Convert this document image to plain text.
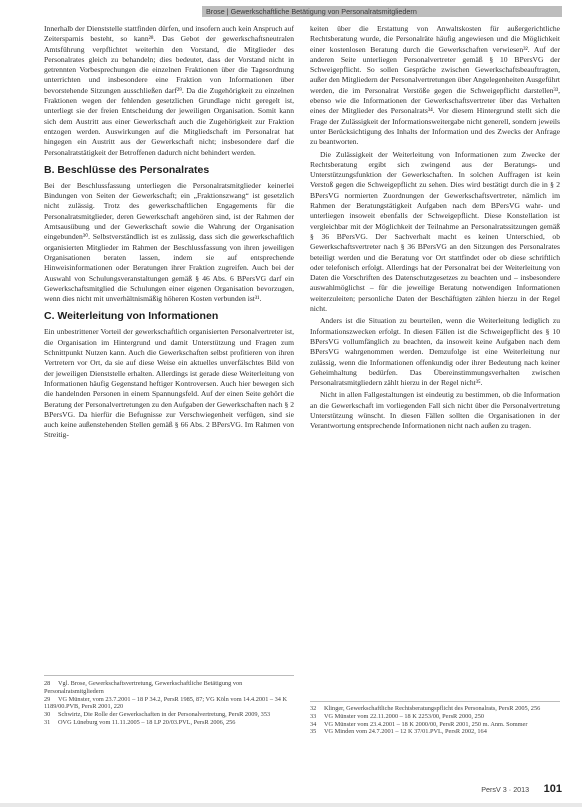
Brose | Gewerkschaftliche Betätigung von Personalratsmitgliedern

Innerhalb der Dienststelle stattfinden dürfen, und insofern auch kein Anspruch auf Zeitersparnis besteht, so kann²⁸. Das Gebot der gewerkschaftsneutralen Amtsführung verpflichtet weiterhin den Vorstand, die Mitglieder des Personalrates gleich zu behandeln; dies bedeutet, dass der Vorstand nicht in getrennten Vorbesprechungen die einzelnen Fraktionen über die Tagesordnung unterrichten und insbesondere eine Fraktion von Informationen über bevorstehende Sitzungen ausschließen darf²⁹. Da die Zugehörigkeit zu einzelnen Fraktionen wegen der fehlenden gesetzlichen Grundlage nicht geregelt ist, unterliegt sie der freien Entscheidung der jeweiligen Organisation. Somit kann sich dem Austritt aus einer Gewerkschaft auch die Zugehörigkeit zur Fraktion entzogen werden. Auswirkungen auf die Mitgliedschaft im Personalrat hat hingegen ein Austritt aus der Gewerkschaft nicht; insbesondere darf die Personalratstätigkeit der Betroffenen dadurch nicht behindert werden.

B. Beschlüsse des Personalrates

Bei der Beschlussfassung unterliegen die Personalratsmitglieder keinerlei Bindungen von Seiten der Gewerkschaft; ein „Fraktionszwang“ ist gesetzlich nicht zulässig. Trotz des gewerkschaftlichen Engagements für die Personalratsmitglieder, deren Gewerkschaft angehören sind, ist der Rahmen der Amtsausübung und der Gewerkschaft sowie die Wahrung der Organisation eingebunden³⁰. Selbstverständlich ist es zulässig, dass sich die gewerkschaftlich organisierten Mitglieder im Rahmen der Beschlussfassung von ihren jeweiligen Organisationen beraten lassen, indem sie auf entsprechende Hinweisinformationen oder Beratungen ihrer Fraktion zugreifen. Auch bei der Auswahl von Schulungsveranstaltungen gemäß § 46 Abs. 6 BPersVG darf ein Gewerkschaftsmitglied die Schulungen einer eigenen Organisation bevorzugen, wenn dies nicht mit unverhältnismäßig höheren Kosten verbunden ist³¹.

C. Weiterleitung von Informationen

Ein unbestrittener Vorteil der gewerkschaftlich organisierten Personalvertreter ist, die Organisation im Hintergrund und damit Unterstützung und Fragen zum Schnittpunkt Nutzen kann. Auch die Gewerkschaften selbst profitieren von ihren Vertretern vor Ort, da sie auf diese Weise ein aktuelles unverfälschtes Bild von der jeweiligen Dienststelle erhalten. Allerdings ist gerade diese Weiterleitung von Informationen häufig Gegenstand heftiger Kontroversen. Auch hier bewegen sich die handelnden Personen in einem Spannungsfeld. Auf der einen Seite gehört die Beratung der Personalvertretungen zu den Aufgaben der Gewerkschaften nach § 2 BPersVG. Da hierfür die Befugnisse zur Verschwiegenheit verfügen, sind sie auch keine außenstehenden Stellen gemäß § 66 Abs. 2 BPersVG. Im Rahmen von Streitig-

keiten über die Erstattung von Anwaltskosten für außergerichtliche Rechtsberatung wurde, die Personalräte häufig angewiesen und die Möglichkeit einer kostenlosen Beratung durch die Gewerkschaften verwiesen³². Auf der anderen Seite unterliegen Personalvertreter gemäß § 10 BPersVG der Schweigepflicht. So sollen Gespräche zwischen Gewerkschaftsbeauftragten, außer den Mitgliedern der Personalvertretungen über Angelegenheiten Ausgeführt werden, die im Personalrat Verstöße gegen die Schweigepflicht darstellen³³, ebenso wie die Informationen der Gewerkschaftsvertreter über das Verhalten eines der Mitglieder des Personalrats³⁴. Vor diesem Hintergrund stellt sich die Frage der Zulässigkeit der Informationsweitergabe nicht generell, sondern jeweils unter Berücksichtigung des Inhalts der Information und des Zwecks der Anfrage zu beantworten.

Die Zulässigkeit der Weiterleitung von Informationen zum Zwecke der Rechtsberatung ergibt sich zwingend aus der Beratungs- und Unterstützungsfunktion der Gewerkschaften. In solchen Auffragen ist kein Verstoß gegen die Schweigepflicht zu sehen. Dies wird bestätigt durch die in § 2 BPersVG normierten Zuordnungen der Gewerkschaftsvertreter, nämlich im Rahmen der Beratungstätigkeit Aufgaben nach dem BPersVG wahr- und unterliegen insoweit ebenfalls der Schweigepflicht. Diese Konstellation ist vergleichbar mit der Möglichkeit der Teilnahme an Personalratssitzungen gemäß § 36 BPersVG. Der Sachverhalt macht es keinen Unterschied, ob Gewerkschaftsvertreter nach § 36 BPersVG an den Sitzungen des Personalrates beteiligt werden und die Beratung vor Ort stattfindet oder ob diese schriftlich oder telefonisch erfolgt. Allerdings hat der Personalrat bei der Weiterleitung von Daten die Vorschriften des Datenschutzgesetzes zu beachten und – insbesondere auswahlmöglichst – für die jeweilige Beratung notwendigen Informationen weiterzuleiten; personliche Daten der Beschäftigten zählen hierzu in der Regel nicht.

Anders ist die Situation zu beurteilen, wenn die Weiterleitung lediglich zu Informationszwecken erfolgt. In diesen Fällen ist die Schweigepflicht des § 10 BPersVG vollumfänglich zu beachten, da insoweit keine Aufgaben nach dem BPersVG wahrgenommen werden. Demzufolge ist eine Weiterleitung nur zulässig, wenn die Informationen offenkundig oder ihrer Bedeutung nach keiner Geheimhaltung bedürfen. Das Übereinstimmungsverhalten zwischen Personalratsmitgliedern zählt hierzu in der Regel nicht³⁵.

Nicht in allen Fallgestaltungen ist eindeutig zu bestimmen, ob die Information an die Gewerkschaft im vorliegenden Fall sich nicht über die Personalvertretung Unterstützung wünscht. In diesen Fällen sollten die Organisationen in der Verantwortung entsprechende Informationen nicht nach außen zu tragen.

28 Vgl. Brose, Gewerkschaftsvertretung, Gewerkschaftliche Betätigung von Personalratsmitgliedern
29 VG Münster, vom 23.7.2001 – 18 P 34.2, PersR 1985, 87; VG Köln vom 14.4.2001 – 34 K 1189/00.PVB, PersR 2001, 220
30 Schwirtz, Die Rolle der Gewerkschaften in der Personalvertretung, PersR 2009, 353
31 OVG Lüneburg vom 11.11.2005 – 18 LP 20/03.PVL, PersR 2006, 256
32 Klinger, Gewerkschaftliche Rechtsberatungspflicht des Personalrats, PersR 2005, 256
33 VG Münster vom 22.11.2000 – 18 K 2253/00, PersR 2000, 250
34 VG Münster vom 23.4.2001 – 18 K 2000/00, PersR 2001, 250 m. Anm. Sommer
35 VG Minden vom 24.7.2001 – 12 K 37/01.PVL, PersR 2002, 164
PersV 3 · 2013 101
